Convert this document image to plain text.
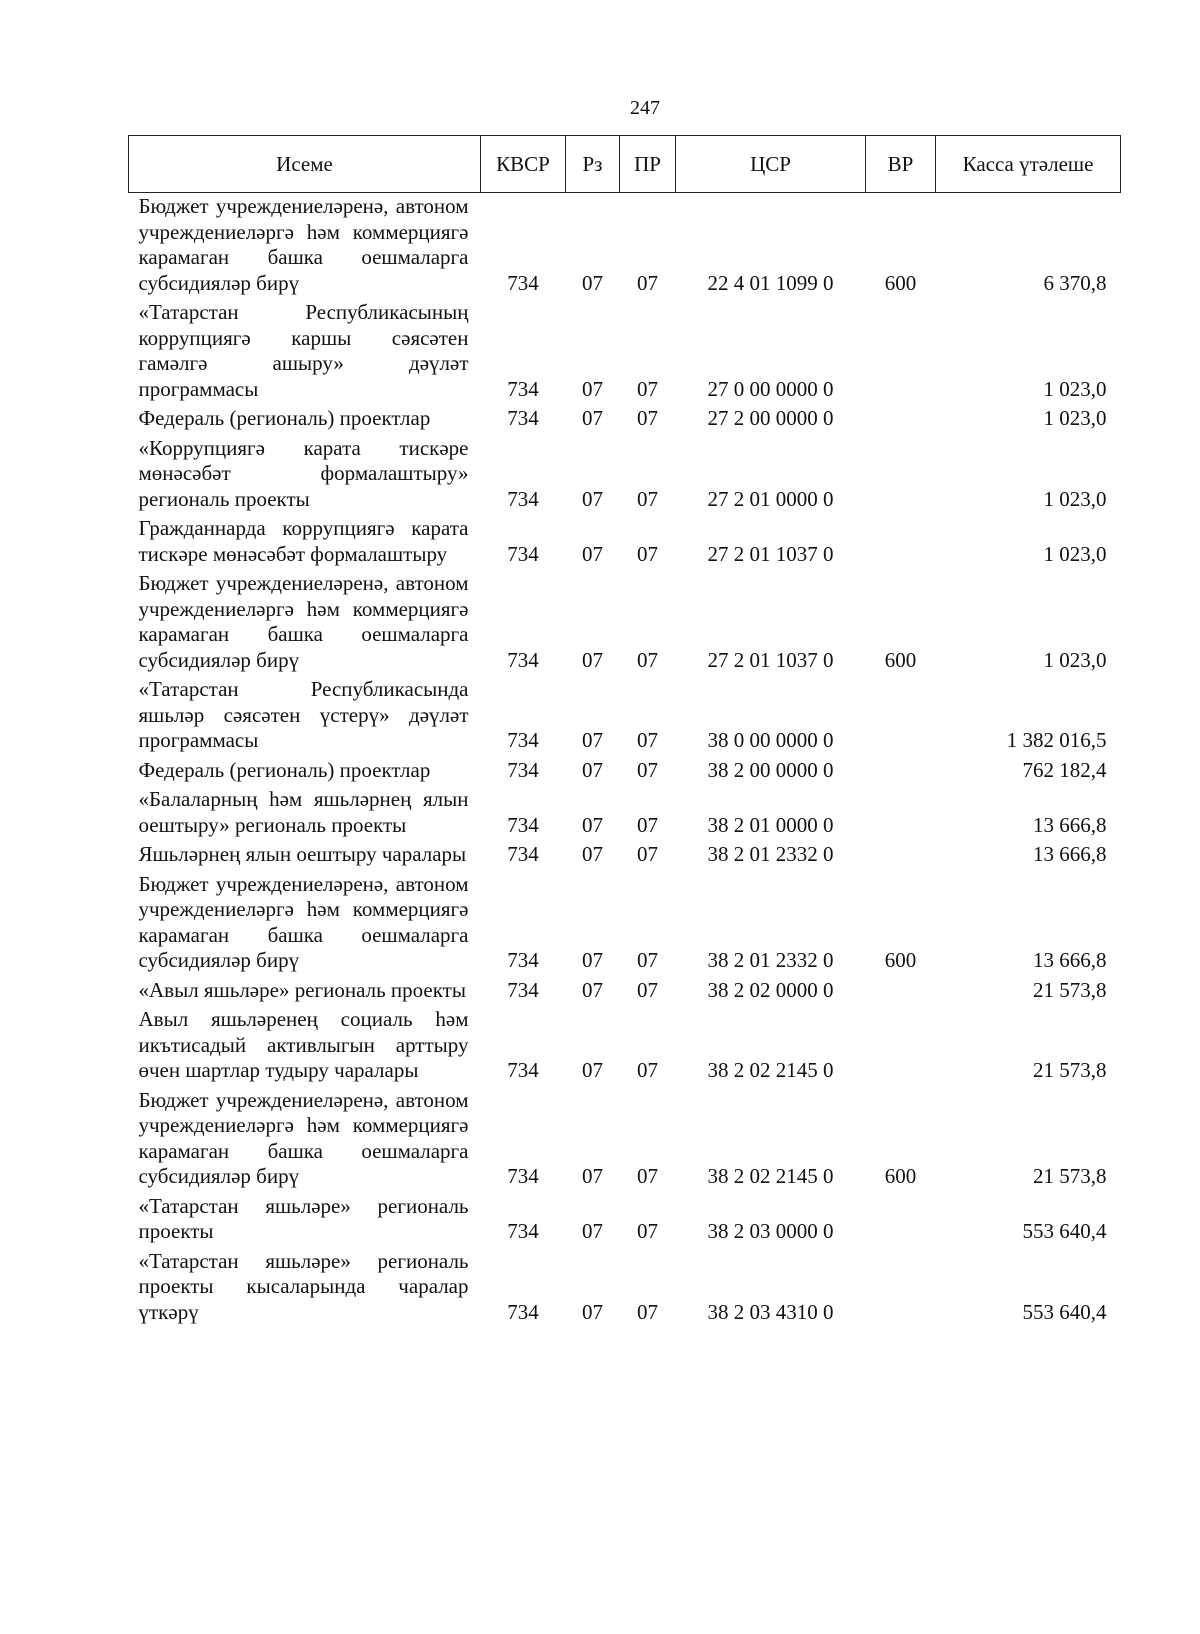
247
Исеме	КВСР	Рз	ПР	ЦСР	ВР	Касса үтәлеше
Бюджет учреждениеләренә, автоном учреждениеләргә һәм коммерциягә карамаган башка оешмаларга субсидияләр бирү	734	07	07	22 4 01 1099 0	600	6 370,8
«Татарстан Республикасының коррупциягә каршы сәясәтен гамәлгә ашыру» дәүләт программасы	734	07	07	27 0 00 0000 0		1 023,0
Федераль (региональ) проектлар	734	07	07	27 2 00 0000 0		1 023,0
«Коррупциягә карата тискәре мөнәсәбәт формалаштыру» региональ проекты	734	07	07	27 2 01 0000 0		1 023,0
Гражданнарда коррупциягә карата тискәре мөнәсәбәт формалаштыру	734	07	07	27 2 01 1037 0		1 023,0
Бюджет учреждениеләренә, автоном учреждениеләргә һәм коммерциягә карамаган башка оешмаларга субсидияләр бирү	734	07	07	27 2 01 1037 0	600	1 023,0
«Татарстан Республикасында яшьләр сәясәтен үстерү» дәүләт программасы	734	07	07	38 0 00 0000 0		1 382 016,5
Федераль (региональ) проектлар	734	07	07	38 2 00 0000 0		762 182,4
«Балаларның һәм яшьләрнең ялын оештыру» региональ проекты	734	07	07	38 2 01 0000 0		13 666,8
Яшьләрнең ялын оештыру чаралары	734	07	07	38 2 01 2332 0		13 666,8
Бюджет учреждениеләренә, автоном учреждениеләргә һәм коммерциягә карамаган башка оешмаларга субсидияләр бирү	734	07	07	38 2 01 2332 0	600	13 666,8
«Авыл яшьләре» региональ проекты	734	07	07	38 2 02 0000 0		21 573,8
Авыл яшьләренең социаль һәм икътисадый активлыгын арттыру өчен шартлар тудыру чаралары	734	07	07	38 2 02 2145 0		21 573,8
Бюджет учреждениеләренә, автоном учреждениеләргә һәм коммерциягә карамаган башка оешмаларга субсидияләр бирү	734	07	07	38 2 02 2145 0	600	21 573,8
«Татарстан яшьләре» региональ проекты	734	07	07	38 2 03 0000 0		553 640,4
«Татарстан яшьләре» региональ проекты кысаларында чаралар үткәрү	734	07	07	38 2 03 4310 0		553 640,4
